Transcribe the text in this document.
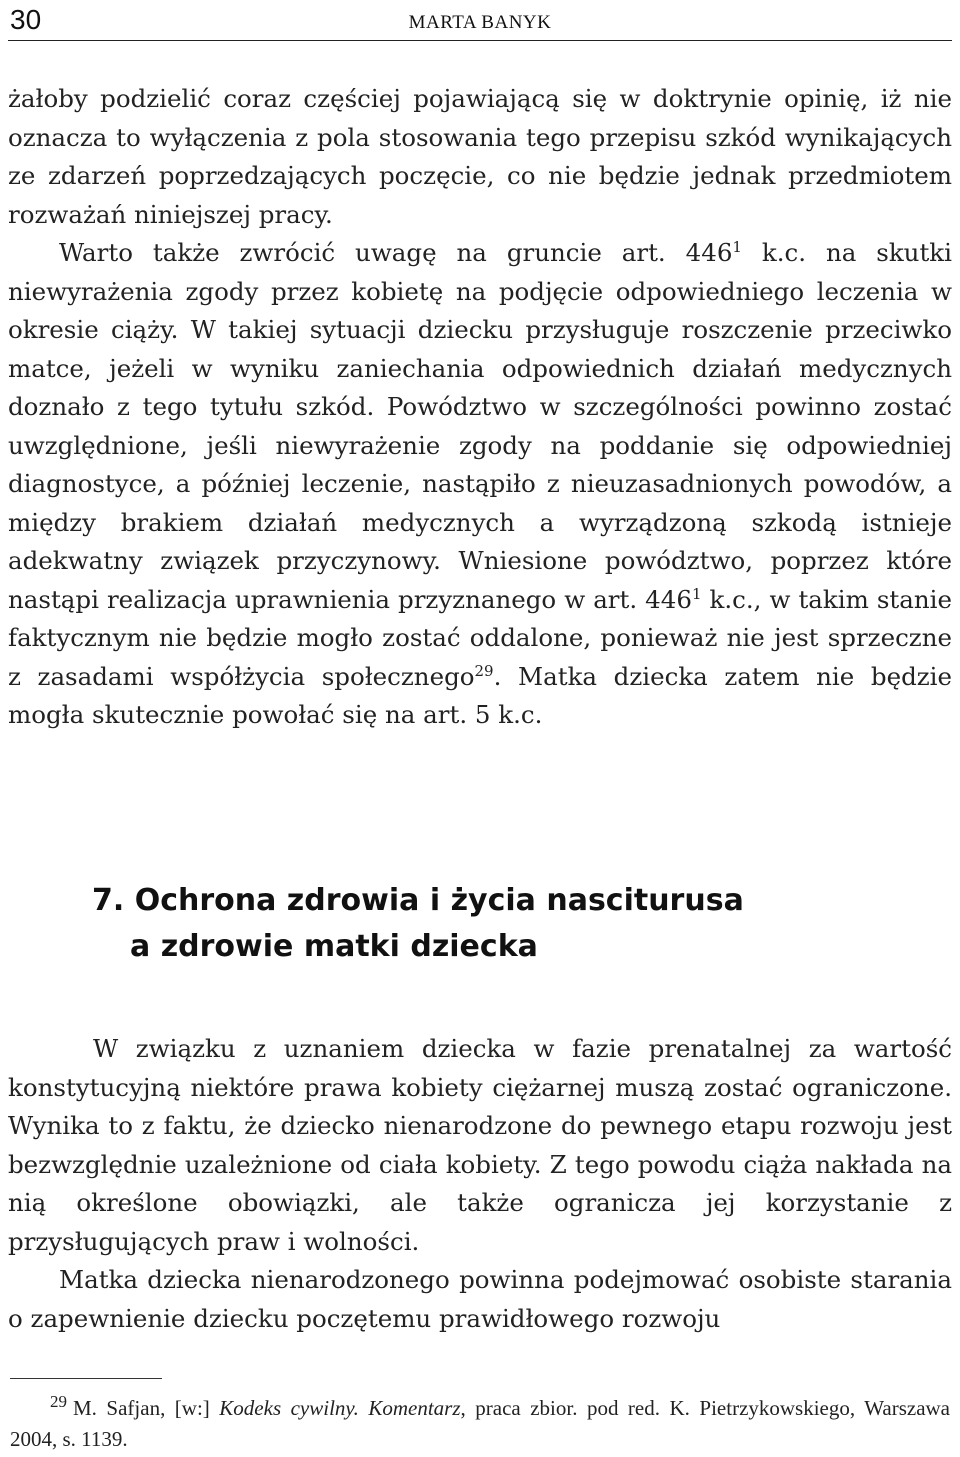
30	MARTA BANYK

żałoby podzielić coraz częściej pojawiającą się w doktrynie opinię, iż nie oznacza to wyłączenia z pola stosowania tego przepisu szkód wynikających ze zdarzeń poprzedzających poczęcie, co nie będzie jednak przedmiotem rozważań niniejszej pracy.

Warto także zwrócić uwagę na gruncie art. $446^1$ k.c. na skutki niewyrażenia zgody przez kobietę na podjęcie odpowiedniego leczenia w okresie ciąży. W takiej sytuacji dziecku przysługuje roszczenie przeciwko matce, jeżeli w wyniku zaniechania odpowiednich działań medycznych doznało z tego tytułu szkód. Powództwo w szczególności powinno zostać uwzględnione, jeśli niewyrażenie zgody na poddanie się odpowiedniej diagnostyce, a później leczenie, nastąpiło z nieuzasadnionych powodów, a między brakiem działań medycznych a wyrządzoną szkodą istnieje adekwatny związek przyczynowy. Wniesione powództwo, poprzez które nastąpi realizacja uprawnienia przyznanego w art. $446^1$ k.c., w takim stanie faktycznym nie będzie mogło zostać oddalone, ponieważ nie jest sprzeczne z zasadami współżycia społecznego$^{29}$. Matka dziecka zatem nie będzie mogła skutecznie powołać się na art. 5 k.c.

7. Ochrona zdrowia i życia nasciturusa
a zdrowie matki dziecka

W związku z uznaniem dziecka w fazie prenatalnej za wartość konstytucyjną niektóre prawa kobiety ciężarnej muszą zostać ograniczone. Wynika to z faktu, że dziecko nienarodzone do pewnego etapu rozwoju jest bezwzględnie uzależnione od ciała kobiety. Z tego powodu ciąża nakłada na nią określone obowiązki, ale także ogranicza jej korzystanie z przysługujących praw i wolności.

Matka dziecka nienarodzonego powinna podejmować osobiste starania o zapewnienie dziecku poczętemu prawidłowego rozwoju

$^{29}$ M. Safjan, [w:] Kodeks cywilny. Komentarz, praca zbior. pod red. K. Pietrzykowskiego, Warszawa 2004, s. 1139.
